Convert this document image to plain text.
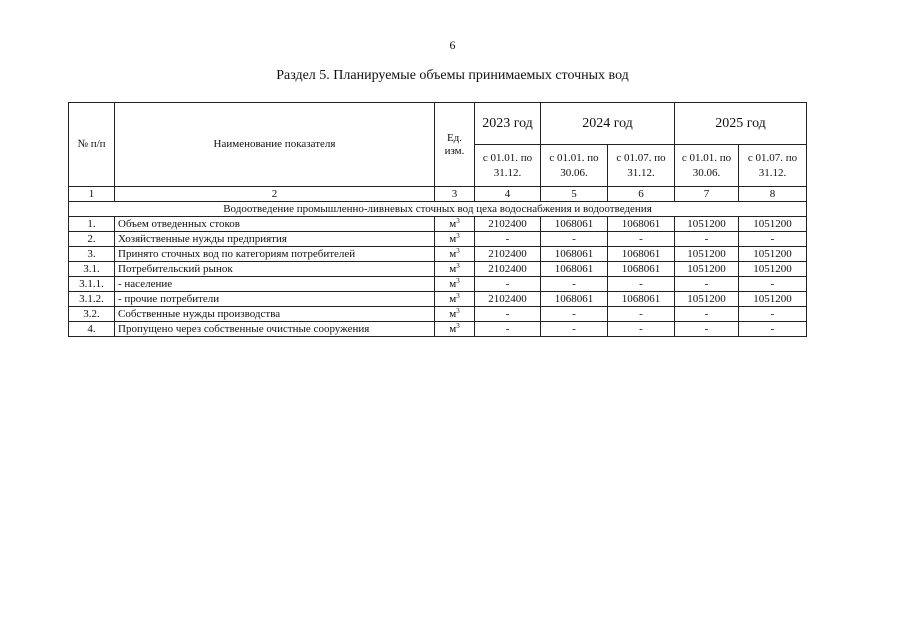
6
Раздел 5. Планируемые объемы принимаемых сточных вод
№ п/п	Наименование показателя	Ед. изм.	2023 год	2024 год		2025 год	
			с 01.01. по 31.12.	с 01.01. по 30.06.	с 01.07. по 31.12.	с 01.01. по 30.06.	с 01.07. по 31.12.
1	2	3	4	5	6	7	8
Водоотведение промышленно-ливневых сточных вод цеха водоснабжения и водоотведения							
1.	Объем отведенных стоков	$м^3$	2102400	1068061	1068061	1051200	1051200
2.	Хозяйственные нужды предприятия	$м^3$	-	-	-	-	-
3.	Принято сточных вод по категориям потребителей	$м^3$	2102400	1068061	1068061	1051200	1051200
3.1.	Потребительский рынок	$м^3$	2102400	1068061	1068061	1051200	1051200
3.1.1.	- население	$м^3$	-	-	-	-	-
3.1.2.	- прочие потребители	$м^3$	2102400	1068061	1068061	1051200	1051200
3.2.	Собственные нужды производства	$м^3$	-	-	-	-	-
4.	Пропущено через собственные очистные сооружения	$м^3$	-	-	-	-	-
